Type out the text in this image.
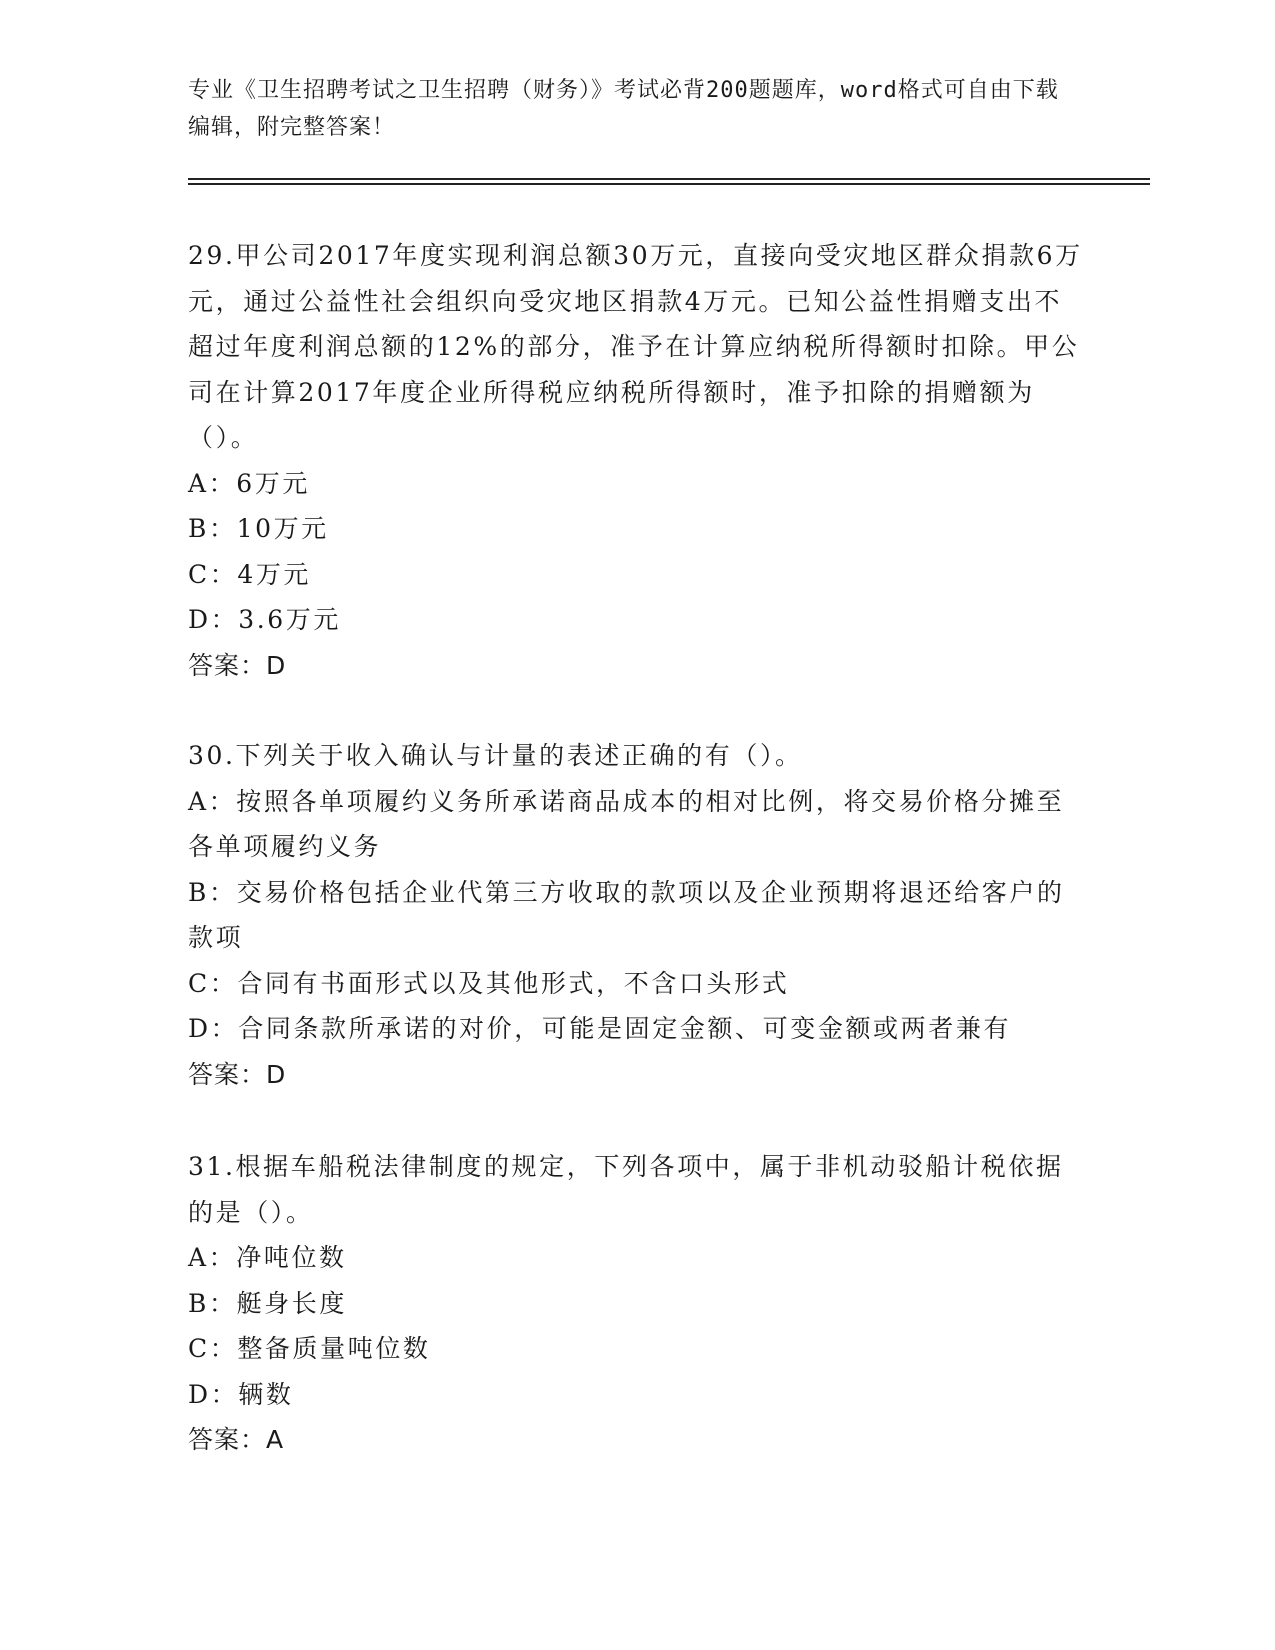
专业《卫生招聘考试之卫生招聘（财务）》考试必背200题题库，word格式可自由下载编辑，附完整答案！

29.甲公司2017年度实现利润总额30万元，直接向受灾地区群众捐款6万元，通过公益性社会组织向受灾地区捐款4万元。已知公益性捐赠支出不超过年度利润总额的12%的部分，准予在计算应纳税所得额时扣除。甲公司在计算2017年度企业所得税应纳税所得额时，准予扣除的捐赠额为（）。

A：6万元

B：10万元

C：4万元

D：3.6万元

答案：D

30.下列关于收入确认与计量的表述正确的有（）。

A：按照各单项履约义务所承诺商品成本的相对比例，将交易价格分摊至各单项履约义务

B：交易价格包括企业代第三方收取的款项以及企业预期将退还给客户的款项

C：合同有书面形式以及其他形式，不含口头形式

D：合同条款所承诺的对价，可能是固定金额、可变金额或两者兼有

答案：D

31.根据车船税法律制度的规定，下列各项中，属于非机动驳船计税依据的是（）。

A：净吨位数

B：艇身长度

C：整备质量吨位数

D：辆数

答案：A
